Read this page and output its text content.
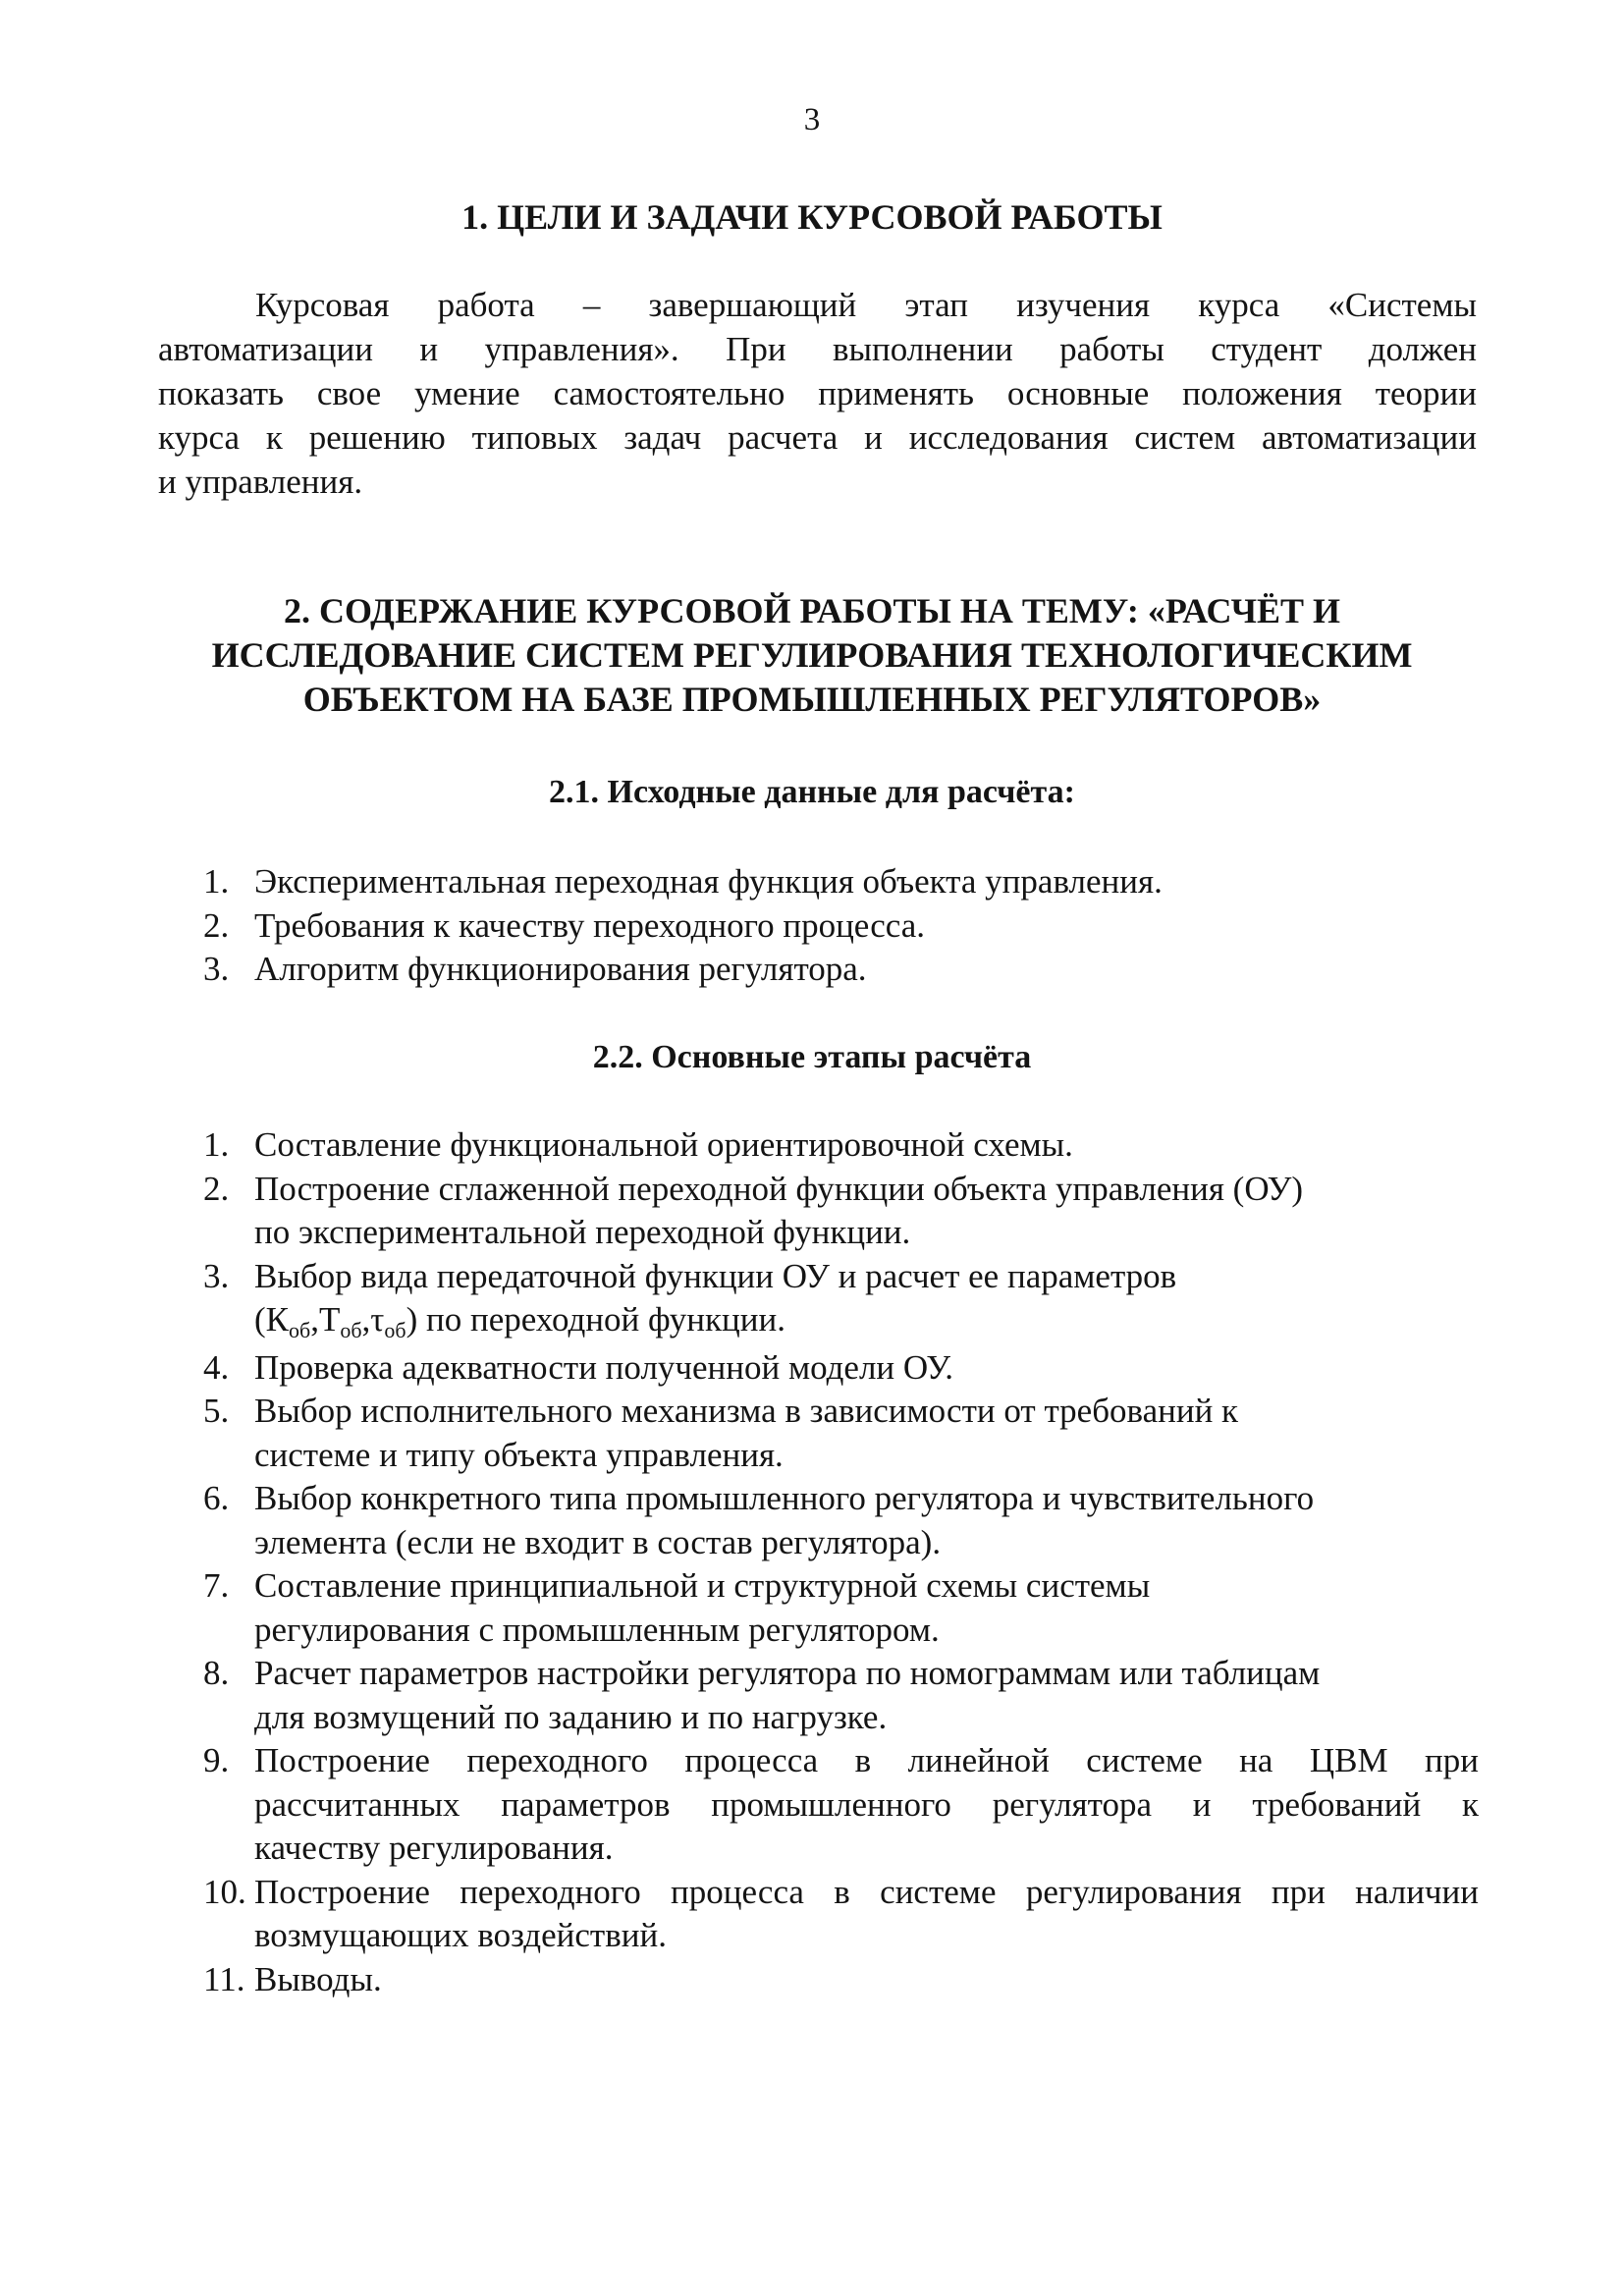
3
1. ЦЕЛИ И ЗАДАЧИ КУРСОВОЙ РАБОТЫ
Курсовая работа – завершающий этап изучения курса «Системы
автоматизации и управления». При выполнении работы студент должен
показать свое умение самостоятельно применять основные положения теории
курса к решению типовых задач расчета и исследования систем автоматизации
и управления.
2. СОДЕРЖАНИЕ КУРСОВОЙ РАБОТЫ НА ТЕМУ: «РАСЧЁТ И
ИССЛЕДОВАНИЕ СИСТЕМ РЕГУЛИРОВАНИЯ ТЕХНОЛОГИЧЕСКИМ
ОБЪЕКТОМ НА БАЗЕ ПРОМЫШЛЕННЫХ РЕГУЛЯТОРОВ»
2.1. Исходные данные для расчёта:
1. Экспериментальная переходная функция объекта управления.
2. Требования к качеству переходного процесса.
3. Алгоритм функционирования регулятора.
2.2. Основные этапы расчёта
1. Составление функциональной ориентировочной схемы.
2. Построение сглаженной переходной функции объекта управления (ОУ)
по экспериментальной переходной функции.
3. Выбор вида передаточной функции ОУ и расчет ее параметров
$(К_{об},Т_{об},\tau_{об})$ по переходной функции.
4. Проверка адекватности полученной модели ОУ.
5. Выбор исполнительного механизма в зависимости от требований к
системе и типу объекта управления.
6. Выбор конкретного типа промышленного регулятора и чувствительного
элемента (если не входит в состав регулятора).
7. Составление принципиальной и структурной схемы системы
регулирования с промышленным регулятором.
8. Расчет параметров настройки регулятора по номограммам или таблицам
для возмущений по заданию и по нагрузке.
9. Построение переходного процесса в линейной системе на ЦВМ при
рассчитанных параметров промышленного регулятора и требований к
качеству регулирования.
10. Построение переходного процесса в системе регулирования при наличии
возмущающих воздействий.
11. Выводы.
